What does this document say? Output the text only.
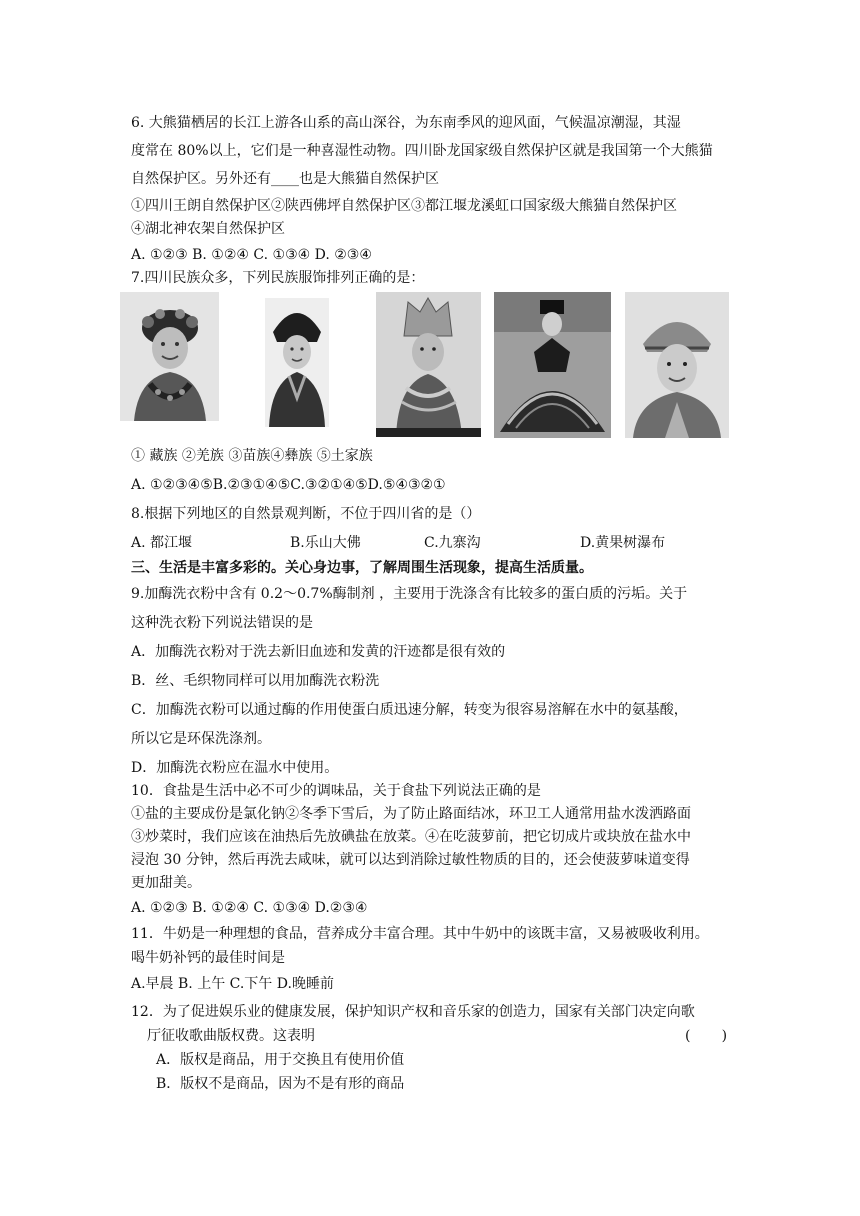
6. 大熊猫栖居的长江上游各山系的高山深谷，为东南季风的迎风面，气候温凉潮湿，其湿
度常在 80%以上，它们是一种喜湿性动物。四川卧龙国家级自然保护区就是我国第一个大熊猫
自然保护区。另外还有____也是大熊猫自然保护区
①四川王朗自然保护区②陕西佛坪自然保护区③都江堰龙溪虹口国家级大熊猫自然保护区
④湖北神农架自然保护区
A. ①②③ B. ①②④ C. ①③④ D. ②③④
7.四川民族众多，下列民族服饰排列正确的是：
① 藏族 ②羌族 ③苗族④彝族 ⑤土家族
A. ①②③④⑤B.②③①④⑤C.③②①④⑤D.⑤④③②①
8.根据下列地区的自然景观判断，不位于四川省的是（）
A. 都江堰	B.乐山大佛	C.九寨沟	D.黄果树瀑布
三、生活是丰富多彩的。关心身边事，了解周围生活现象，提高生活质量。
9.加酶洗衣粉中含有 0.2～0.7%酶制剂 ，主要用于洗涤含有比较多的蛋白质的污垢。关于
这种洗衣粉下列说法错误的是
A．加酶洗衣粉对于洗去新旧血迹和发黄的汗迹都是很有效的
B．丝、毛织物同样可以用加酶洗衣粉洗
C．加酶洗衣粉可以通过酶的作用使蛋白质迅速分解，转变为很容易溶解在水中的氨基酸，
所以它是环保洗涤剂。
D．加酶洗衣粉应在温水中使用。
10．食盐是生活中必不可少的调味品，关于食盐下列说法正确的是
①盐的主要成份是氯化钠②冬季下雪后，为了防止路面结冰，环卫工人通常用盐水泼洒路面
③炒菜时，我们应该在油热后先放碘盐在放菜。④在吃菠萝前，把它切成片或块放在盐水中
浸泡 30 分钟，然后再洗去咸味，就可以达到消除过敏性物质的目的，还会使菠萝味道变得
更加甜美。
A. ①②③ B. ①②④ C. ①③④ D.②③④
11．牛奶是一种理想的食品，营养成分丰富合理。其中牛奶中的该既丰富，又易被吸收利用。
喝牛奶补钙的最佳时间是
A.早晨 B. 上午 C.下午 D.晚睡前
12．为了促进娱乐业的健康发展，保护知识产权和音乐家的创造力，国家有关部门决定向歌
厅征收歌曲版权费。这表明	(       )
A．版权是商品，用于交换且有使用价值
B．版权不是商品，因为不是有形的商品
